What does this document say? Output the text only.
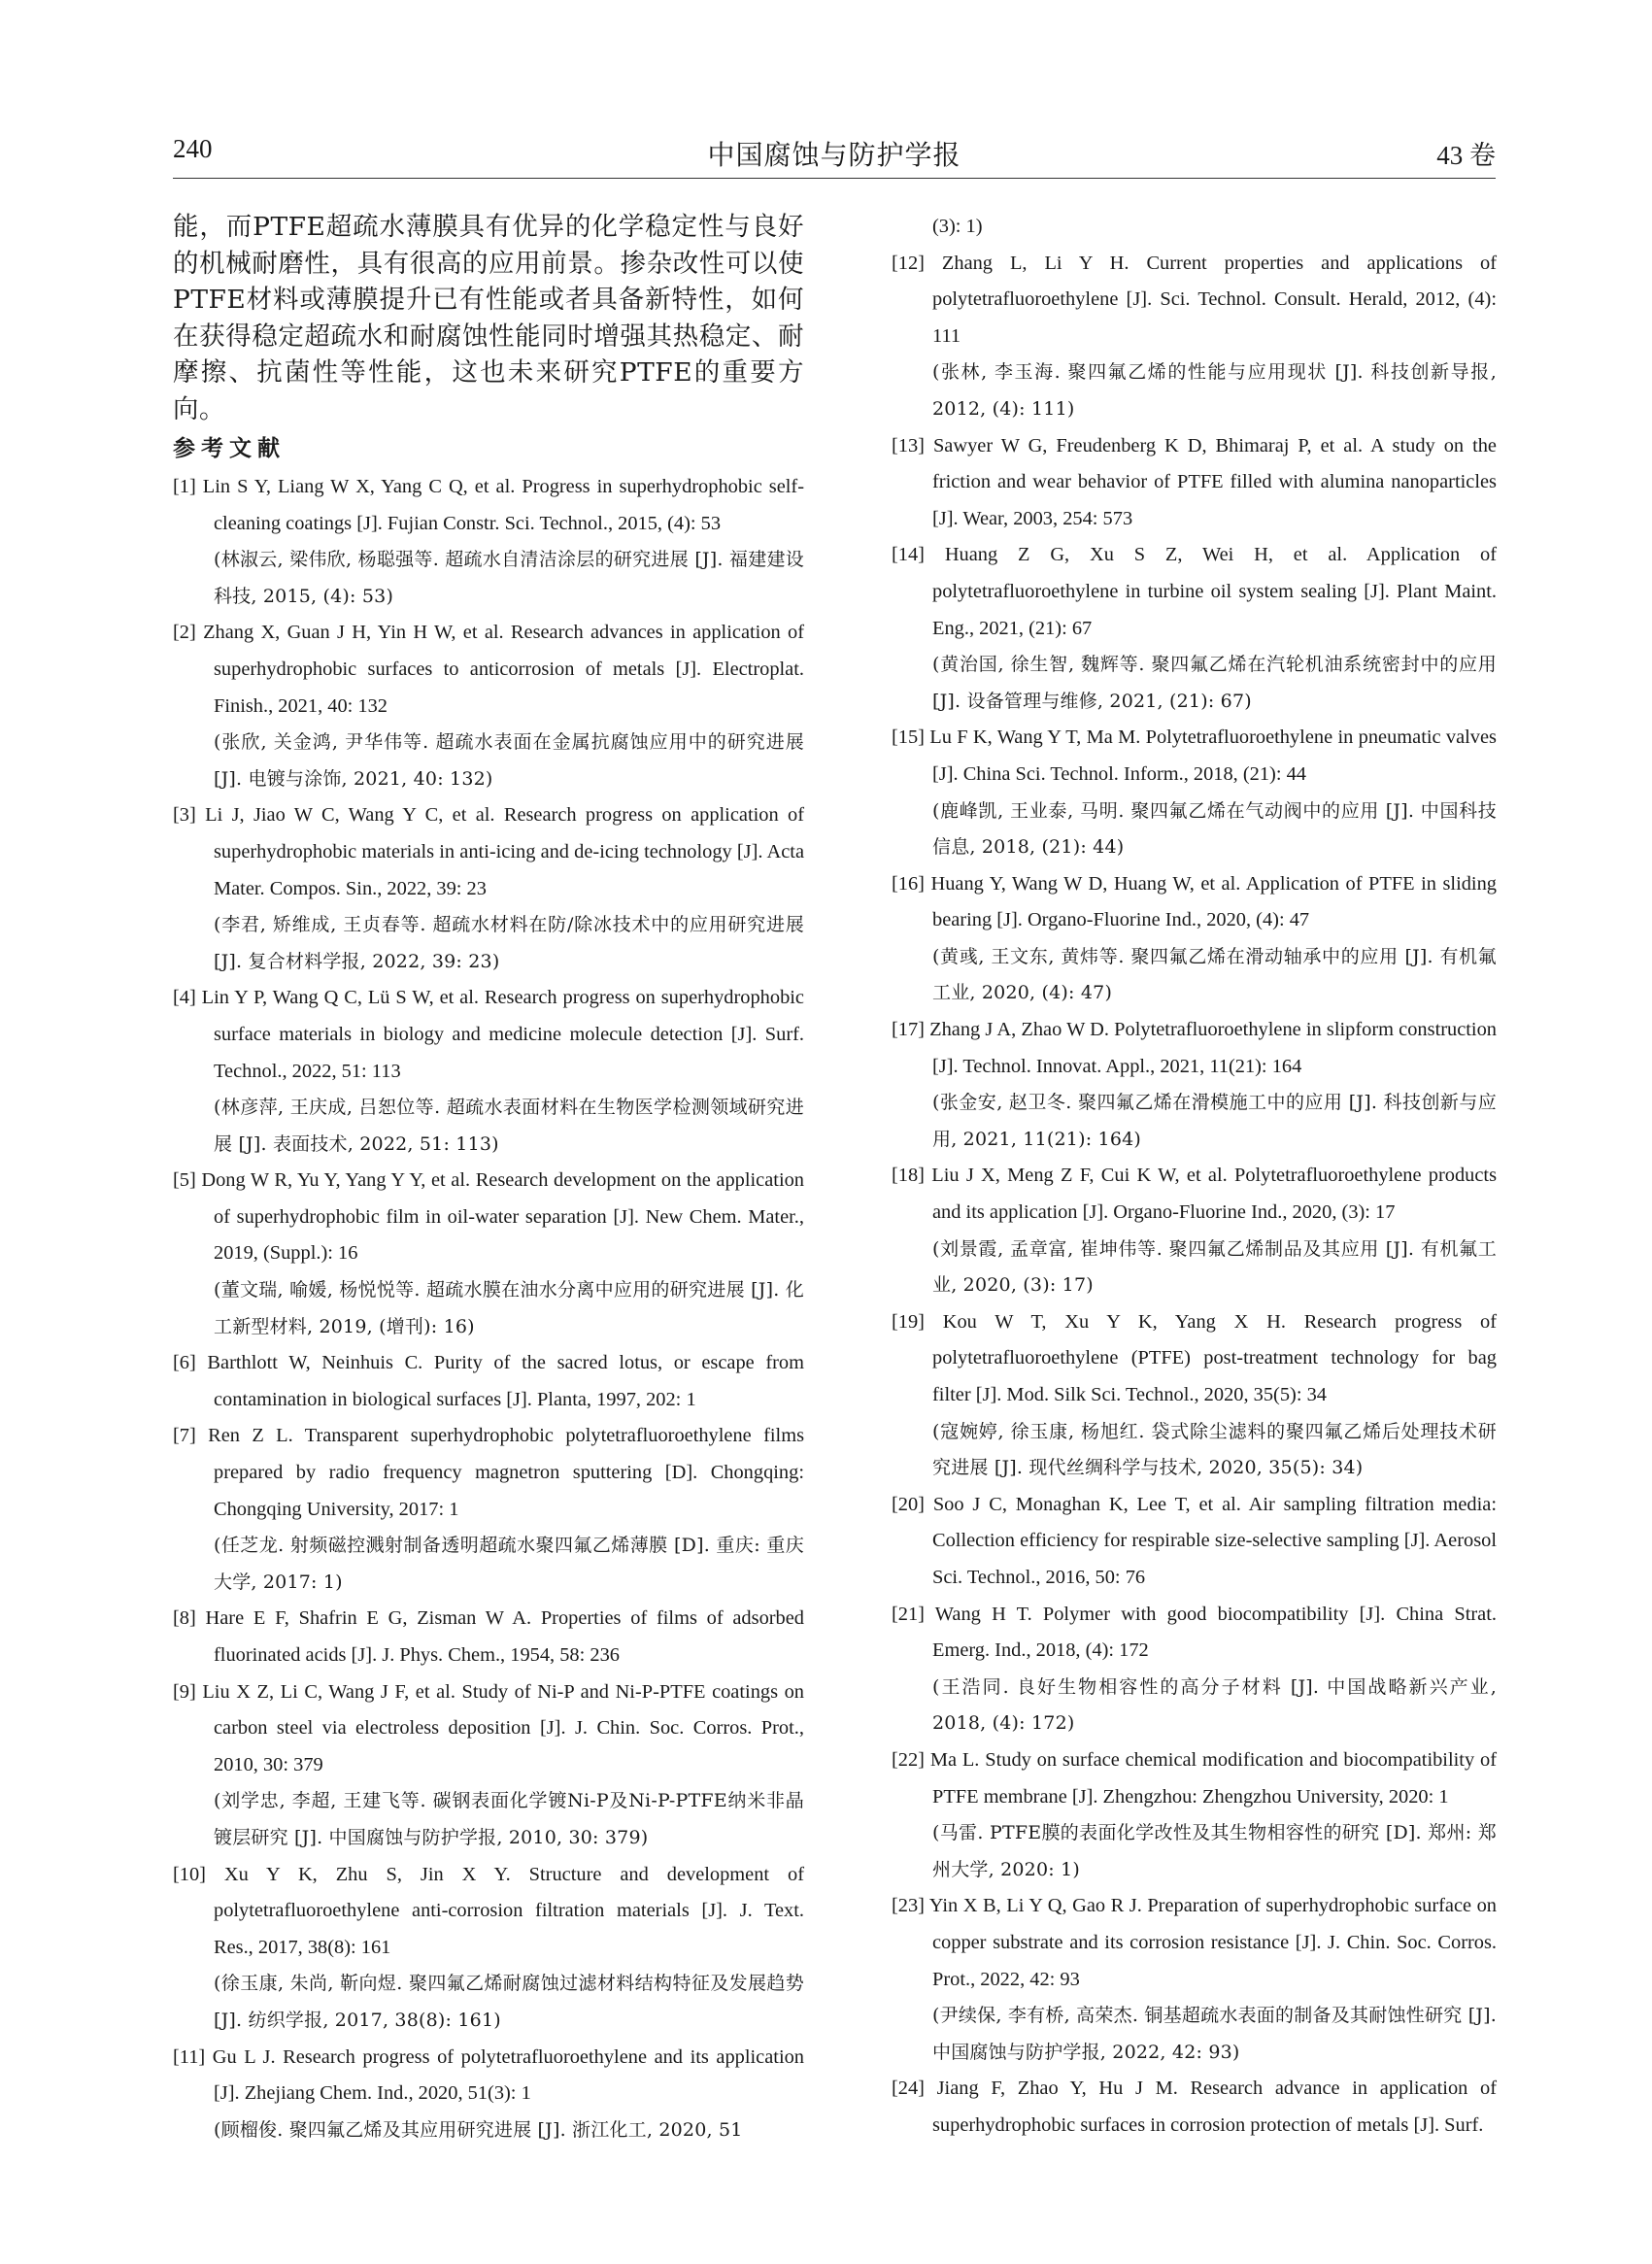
240	中国腐蚀与防护学报	43 卷

能，而PTFE超疏水薄膜具有优异的化学稳定性与良好的机械耐磨性，具有很高的应用前景。掺杂改性可以使PTFE材料或薄膜提升已有性能或者具备新特性，如何在获得稳定超疏水和耐腐蚀性能同时增强其热稳定、耐摩擦、抗菌性等性能，这也未来研究PTFE的重要方向。

参考文献

[1] Lin S Y, Liang W X, Yang C Q, et al. Progress in superhydrophobic self-cleaning coatings [J]. Fujian Constr. Sci. Technol., 2015, (4): 53
(林淑云, 梁伟欣, 杨聪强等. 超疏水自清洁涂层的研究进展 [J]. 福建建设科技, 2015, (4): 53)

[2] Zhang X, Guan J H, Yin H W, et al. Research advances in application of superhydrophobic surfaces to anticorrosion of metals [J]. Electroplat. Finish., 2021, 40: 132
(张欣, 关金鸿, 尹华伟等. 超疏水表面在金属抗腐蚀应用中的研究进展 [J]. 电镀与涂饰, 2021, 40: 132)

[3] Li J, Jiao W C, Wang Y C, et al. Research progress on application of superhydrophobic materials in anti-icing and de-icing technology [J]. Acta Mater. Compos. Sin., 2022, 39: 23
(李君, 矫维成, 王贞春等. 超疏水材料在防/除冰技术中的应用研究进展 [J]. 复合材料学报, 2022, 39: 23)

[4] Lin Y P, Wang Q C, Lü S W, et al. Research progress on superhydrophobic surface materials in biology and medicine molecule detection [J]. Surf. Technol., 2022, 51: 113
(林彦萍, 王庆成, 吕恕位等. 超疏水表面材料在生物医学检测领域研究进展 [J]. 表面技术, 2022, 51: 113)

[5] Dong W R, Yu Y, Yang Y Y, et al. Research development on the application of superhydrophobic film in oil-water separation [J]. New Chem. Mater., 2019, (Suppl.): 16
(董文瑞, 喻媛, 杨悦悦等. 超疏水膜在油水分离中应用的研究进展 [J]. 化工新型材料, 2019, (增刊): 16)

[6] Barthlott W, Neinhuis C. Purity of the sacred lotus, or escape from contamination in biological surfaces [J]. Planta, 1997, 202: 1

[7] Ren Z L. Transparent superhydrophobic polytetrafluoroethylene films prepared by radio frequency magnetron sputtering [D]. Chongqing: Chongqing University, 2017: 1
(任芝龙. 射频磁控溅射制备透明超疏水聚四氟乙烯薄膜 [D]. 重庆: 重庆大学, 2017: 1)

[8] Hare E F, Shafrin E G, Zisman W A. Properties of films of adsorbed fluorinated acids [J]. J. Phys. Chem., 1954, 58: 236

[9] Liu X Z, Li C, Wang J F, et al. Study of Ni-P and Ni-P-PTFE coatings on carbon steel via electroless deposition [J]. J. Chin. Soc. Corros. Prot., 2010, 30: 379
(刘学忠, 李超, 王建飞等. 碳钢表面化学镀Ni-P及Ni-P-PTFE纳米非晶镀层研究 [J]. 中国腐蚀与防护学报, 2010, 30: 379)

[10] Xu Y K, Zhu S, Jin X Y. Structure and development of polytetrafluoroethylene anti-corrosion filtration materials [J]. J. Text. Res., 2017, 38(8): 161
(徐玉康, 朱尚, 靳向煜. 聚四氟乙烯耐腐蚀过滤材料结构特征及发展趋势 [J]. 纺织学报, 2017, 38(8): 161)

[11] Gu L J. Research progress of polytetrafluoroethylene and its application [J]. Zhejiang Chem. Ind., 2020, 51(3): 1
(顾榴俊. 聚四氟乙烯及其应用研究进展 [J]. 浙江化工, 2020, 51

(3): 1)

[12] Zhang L, Li Y H. Current properties and applications of polytetrafluoroethylene [J]. Sci. Technol. Consult. Herald, 2012, (4): 111
(张林, 李玉海. 聚四氟乙烯的性能与应用现状 [J]. 科技创新导报, 2012, (4): 111)

[13] Sawyer W G, Freudenberg K D, Bhimaraj P, et al. A study on the friction and wear behavior of PTFE filled with alumina nanoparticles [J]. Wear, 2003, 254: 573

[14] Huang Z G, Xu S Z, Wei H, et al. Application of polytetrafluoroethylene in turbine oil system sealing [J]. Plant Maint. Eng., 2021, (21): 67
(黄治国, 徐生智, 魏辉等. 聚四氟乙烯在汽轮机油系统密封中的应用 [J]. 设备管理与维修, 2021, (21): 67)

[15] Lu F K, Wang Y T, Ma M. Polytetrafluoroethylene in pneumatic valves [J]. China Sci. Technol. Inform., 2018, (21): 44
(鹿峰凯, 王业泰, 马明. 聚四氟乙烯在气动阀中的应用 [J]. 中国科技信息, 2018, (21): 44)

[16] Huang Y, Wang W D, Huang W, et al. Application of PTFE in sliding bearing [J]. Organo-Fluorine Ind., 2020, (4): 47
(黄彧, 王文东, 黄炜等. 聚四氟乙烯在滑动轴承中的应用 [J]. 有机氟工业, 2020, (4): 47)

[17] Zhang J A, Zhao W D. Polytetrafluoroethylene in slipform construction [J]. Technol. Innovat. Appl., 2021, 11(21): 164
(张金安, 赵卫冬. 聚四氟乙烯在滑模施工中的应用 [J]. 科技创新与应用, 2021, 11(21): 164)

[18] Liu J X, Meng Z F, Cui K W, et al. Polytetrafluoroethylene products and its application [J]. Organo-Fluorine Ind., 2020, (3): 17
(刘景霞, 孟章富, 崔坤伟等. 聚四氟乙烯制品及其应用 [J]. 有机氟工业, 2020, (3): 17)

[19] Kou W T, Xu Y K, Yang X H. Research progress of polytetrafluoroethylene (PTFE) post-treatment technology for bag filter [J]. Mod. Silk Sci. Technol., 2020, 35(5): 34
(寇婉婷, 徐玉康, 杨旭红. 袋式除尘滤料的聚四氟乙烯后处理技术研究进展 [J]. 现代丝绸科学与技术, 2020, 35(5): 34)

[20] Soo J C, Monaghan K, Lee T, et al. Air sampling filtration media: Collection efficiency for respirable size-selective sampling [J]. Aerosol Sci. Technol., 2016, 50: 76

[21] Wang H T. Polymer with good biocompatibility [J]. China Strat. Emerg. Ind., 2018, (4): 172
(王浩同. 良好生物相容性的高分子材料 [J]. 中国战略新兴产业, 2018, (4): 172)

[22] Ma L. Study on surface chemical modification and biocompatibility of PTFE membrane [J]. Zhengzhou: Zhengzhou University, 2020: 1
(马雷. PTFE膜的表面化学改性及其生物相容性的研究 [D]. 郑州: 郑州大学, 2020: 1)

[23] Yin X B, Li Y Q, Gao R J. Preparation of superhydrophobic surface on copper substrate and its corrosion resistance [J]. J. Chin. Soc. Corros. Prot., 2022, 42: 93
(尹续保, 李有桥, 高荣杰. 铜基超疏水表面的制备及其耐蚀性研究 [J]. 中国腐蚀与防护学报, 2022, 42: 93)

[24] Jiang F, Zhao Y, Hu J M. Research advance in application of superhydrophobic surfaces in corrosion protection of metals [J]. Surf.
